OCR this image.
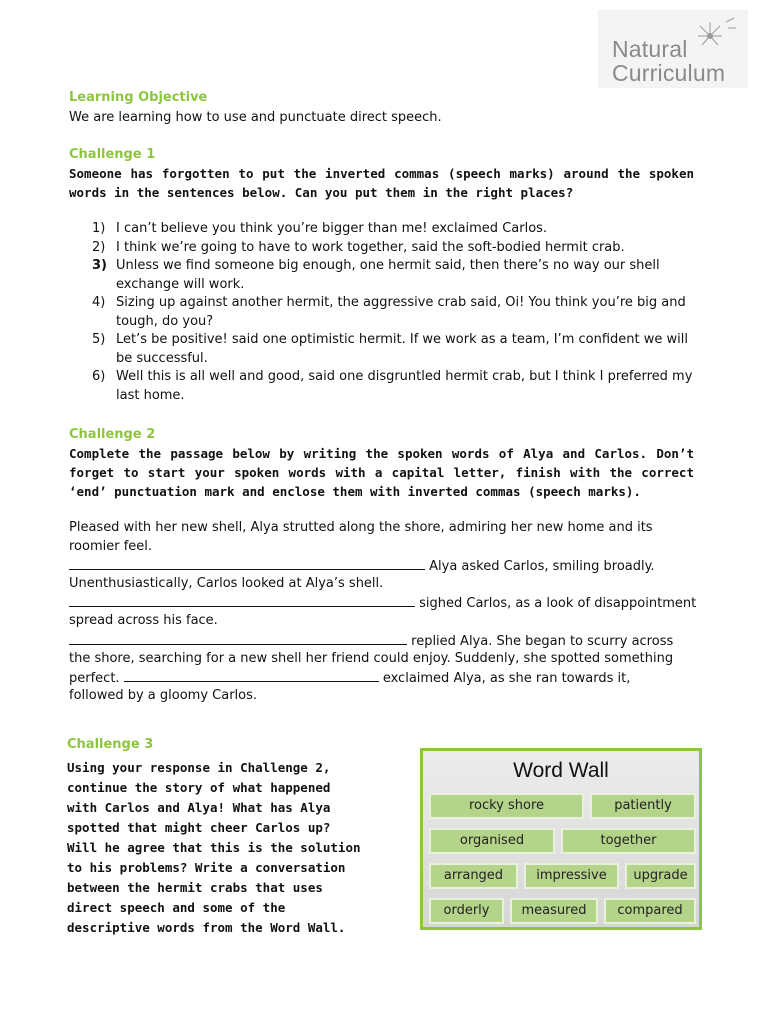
Natural
Curriculum
Learning Objective
We are learning how to use and punctuate direct speech.
Challenge 1
Someone has forgotten to put the inverted commas (speech marks) around the spoken words in the sentences below. Can you put them in the right places?
1) I can’t believe you think you’re bigger than me! exclaimed Carlos.
2) I think we’re going to have to work together, said the soft-bodied hermit crab.
3) Unless we find someone big enough, one hermit said, then there’s no way our shell exchange will work.
4) Sizing up against another hermit, the aggressive crab said, Oi! You think you’re big and tough, do you?
5) Let’s be positive! said one optimistic hermit. If we work as a team, I’m confident we will be successful.
6) Well this is all well and good, said one disgruntled hermit crab, but I think I preferred my last home.
Challenge 2
Complete the passage below by writing the spoken words of Alya and Carlos. Don’t forget to start your spoken words with a capital letter, finish with the correct ‘end’ punctuation mark and enclose them with inverted commas (speech marks).
Pleased with her new shell, Alya strutted along the shore, admiring her new home and its
roomier feel.
Alya asked Carlos, smiling broadly.
Unenthusiastically, Carlos looked at Alya’s shell.
sighed Carlos, as a look of disappointment
spread across his face.
replied Alya. She began to scurry across
the shore, searching for a new shell her friend could enjoy. Suddenly, she spotted something
perfect.	exclaimed Alya, as she ran towards it,
followed by a gloomy Carlos.
Challenge 3
Using your response in Challenge 2, continue the story of what happened with Carlos and Alya! What has Alya spotted that might cheer Carlos up? Will he agree that this is the solution to his problems? Write a conversation between the hermit crabs that uses direct speech and some of the descriptive words from the Word Wall.
Word Wall
rocky shore	patiently
organised	together
arranged	impressive	upgrade
orderly	measured	compared
